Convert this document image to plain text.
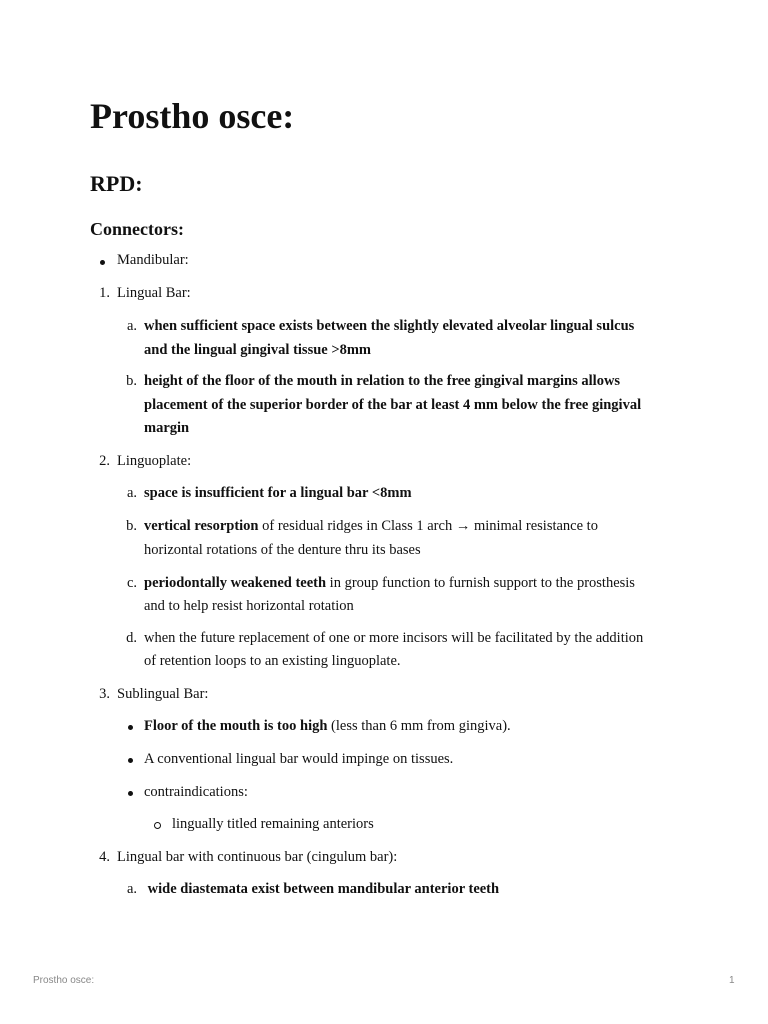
Prostho osce:
RPD:
Connectors:
Mandibular:
1. Lingual Bar:
a. when sufficient space exists between the slightly elevated alveolar lingual sulcus
and the lingual gingival tissue >8mm
b. height of the floor of the mouth in relation to the free gingival margins allows
placement of the superior border of the bar at least 4 mm below the free gingival
margin
2. Linguoplate:
a. space is insufficient for a lingual bar <8mm
b. vertical resorption of residual ridges in Class 1 arch → minimal resistance to
horizontal rotations of the denture thru its bases
c. periodontally weakened teeth in group function to furnish support to the prosthesis
and to help resist horizontal rotation
d. when the future replacement of one or more incisors will be facilitated by the addition
of retention loops to an existing linguoplate.
3. Sublingual Bar:
Floor of the mouth is too high (less than 6 mm from gingiva).
A conventional lingual bar would impinge on tissues.
contraindications:
lingually titled remaining anteriors
4. Lingual bar with continuous bar (cingulum bar):
a. wide diastemata exist between mandibular anterior teeth
Prostho osce:	1
